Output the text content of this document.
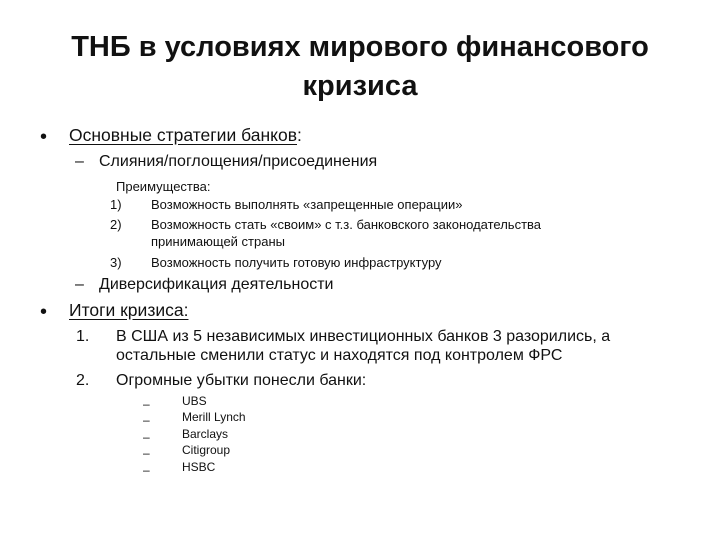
ТНБ в условиях мирового финансового
кризиса
• Основные стратегии банков:
– Слияния/поглощения/присоединения
Преимущества:
1) Возможность выполнять «запрещенные операции»
2) Возможность стать «своим» с т.з. банковского законодательства
принимающей страны
3) Возможность получить готовую инфраструктуру
– Диверсификация деятельности
• Итоги кризиса:
1. В США из 5 независимых инвестиционных банков 3 разорились, а
остальные сменили статус и находятся под контролем ФРС
2. Огромные убытки понесли банки:
–	UBS
–	Merill Lynch
–	Barclays
–	Citigroup
–	HSBC
